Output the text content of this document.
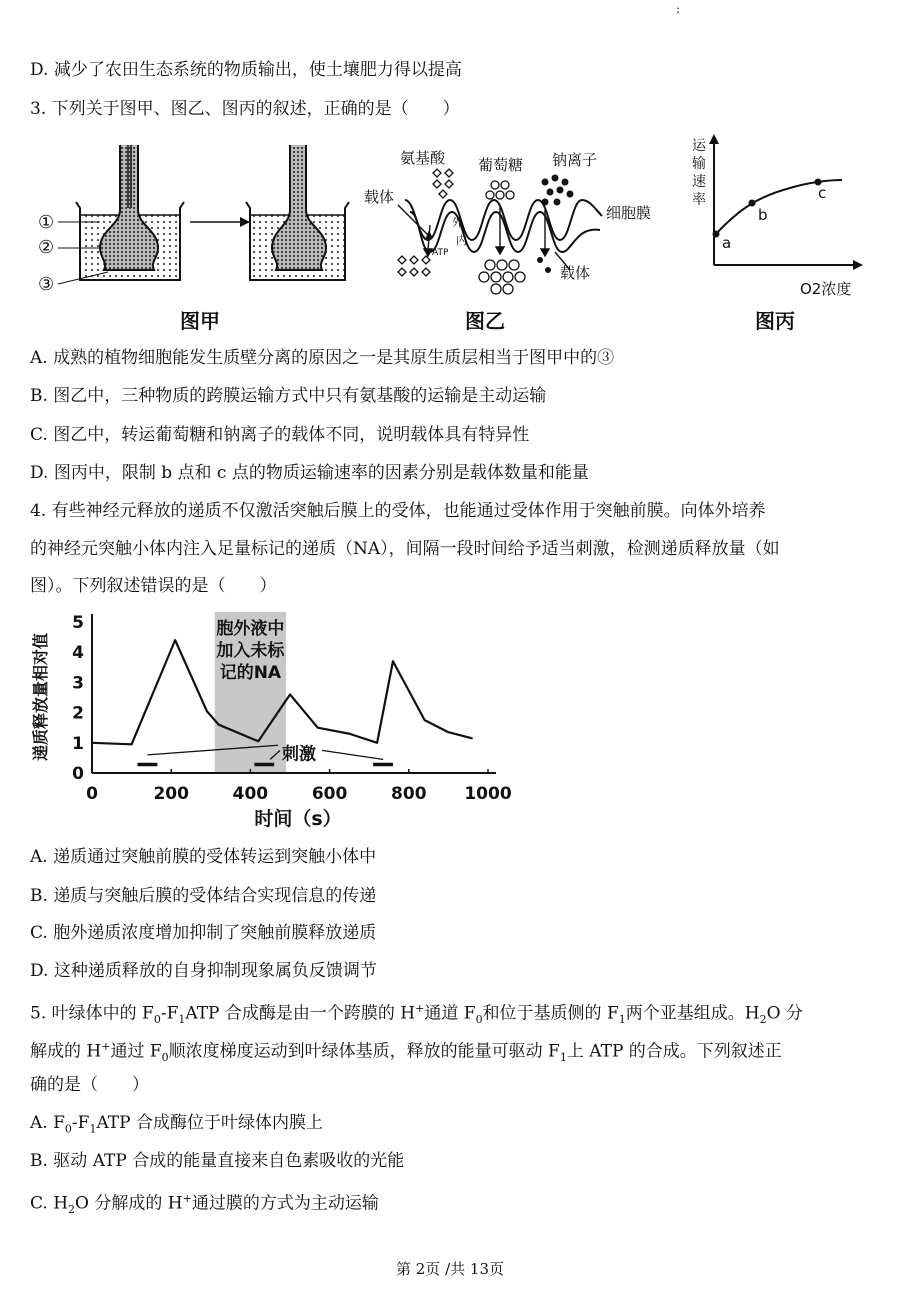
:
D. 减少了农田生态系统的物质输出，使土壤肥力得以提高
3. 下列关于图甲、图乙、图丙的叙述，正确的是（　　）
①
②
③
图甲
氨基酸 葡萄糖 钠离子
载体
载体
细胞膜
外
内
ATP
图乙
运
输
速
率
a
b
c
O2浓度
图丙
A. 成熟的植物细胞能发生质壁分离的原因之一是其原生质层相当于图甲中的③
B. 图乙中，三种物质的跨膜运输方式中只有氨基酸的运输是主动运输
C. 图乙中，转运葡萄糖和钠离子的载体不同，说明载体具有特异性
D. 图丙中，限制 b 点和 c 点的物质运输速率的因素分别是载体数量和能量
4. 有些神经元释放的递质不仅激活突触后膜上的受体，也能通过受体作用于突触前膜。向体外培养
的神经元突触小体内注入足量标记的递质（NA），间隔一段时间给予适当刺激，检测递质释放量（如
图）。下列叙述错误的是（　　）
0
1
2
3
4
5
0	200	400	600	800 1000
刺激
胞外液中
加入未标
记的NA
递质释放量相对值
时间（s）
A. 递质通过突触前膜的受体转运到突触小体中
B. 递质与突触后膜的受体结合实现信息的传递
C. 胞外递质浓度增加抑制了突触前膜释放递质
D. 这种递质释放的自身抑制现象属负反馈调节
5. 叶绿体中的 $F_0-F_1ATP$ 合成酶是由一个跨膜的 H+通道 $F_0$和位于基质侧的 $F_1$两个亚基组成。$H_2O$ 分
解成的 H+通过 $F_0$顺浓度梯度运动到叶绿体基质，释放的能量可驱动 $F_1$上 ATP 的合成。下列叙述正
确的是（　　）
A. $F_0-F_1ATP$ 合成酶位于叶绿体内膜上
B. 驱动 ATP 合成的能量直接来自色素吸收的光能
C. $H_2O$ 分解成的 H+通过膜的方式为主动运输
第 2页 /共 13页
